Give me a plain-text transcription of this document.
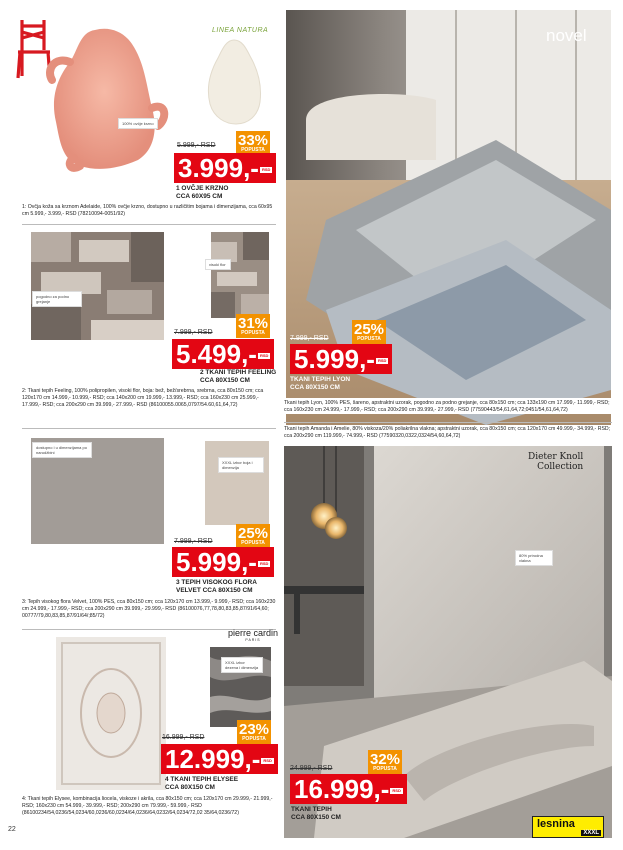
100% ovčje krzno
LINEA NATURA
5.999,- RSD 33%
POPUSTA
3.999,- RSD
1 OVČJE KRZNO
CCA 60X95 CM
1: Ovčja koža sa krznom Adelaide, 100% ovčje krzno, dostupno u različitim bojama i dimenzijama, cca 60x95 cm 5.999,- 3.999,- RSD (78210094-0051/92)
pogodno za podno grejanje
visoki flor
7.999,- RSD
31%
POPUSTA
5.499,- RSD
2 TKANI TEPIH FEELING
CCA 80X150 CM
2: Tkani tepih Feeling, 100% polipropilen, visoki flor, boja: bež, bež/srebrna, srebrna, cca 80x150 cm; cca 120x170 cm 14.999,- 10.999,- RSD; cca 140x200 cm 19.999,- 13.999,- RSD; cca 160x230 cm 25.999,- 17.999,- RSD; cca 200x290 cm 39.999,- 27.999,- RSD (86100055.0065,0797/54.60,61,64,72)
dostupno i u dimenzijama po narudžbini
XXXL izbor boja i dimenzija
7.999,- RSD 25%
POPUSTA
5.999,- RSD
3 TEPIH VISOKOG FLORA
VELVET CCA 80X150 CM
3: Tepih visokog flora Velvet, 100% PES, cca 80x150 cm; cca 120x170 cm 13.999,- 9.999,- RSD; cca 160x230 cm 24.999,- 17.999,- RSD; cca 200x290 cm 39.999,- 29.999,- RSD (86100076,77,78,80,83,85,87/91/64,60; 00777/79,80,83,85,87/91/64/;85/72)
pierre cardin
PARIS
XXXL izbor dezena i dimenzija
16.999,- RSD 23%
POPUSTA
12.999,- RSD
4 TKANI TEPIH ELYSEE
CCA 80X150 CM
4: Tkani tepih Elysee, kombinacija liocela, viskoze i akrila, cca 80x150 cm; cca 120x170 cm 29.999,- 21.999,- RSD; 160x230 cm 54.999,- 39.999,- RSD; 200x290 cm 79.999,- 59.999,- RSD (86100234/54,0236/54,0234/60,0236/60,0234/64,0236/64,0232/64,0234/72,02 35/64,0236/72)
22
novel
7.999,- RSD
25%
POPUSTA
5.999,- RSD
TKANI TEPIH LYON
CCA 80X150 CM
Tkani tepih Lyon, 100% PES, šareno, apstraktni uzorak, pogodno za podno grejanje, cca 80x150 cm; cca 133x190 cm 17.999,- 11.999,- RSD; cca 160x230 cm 24.999,- 17.999,- RSD; cca 200x290 cm 39.999,- 27.999,- RSD (77590443/54,61,64,72;0451/54,61,64,72)
Tkani tepih Amanda i Amelie, 80% viskoza/20% poliakrilna vlakna; apstraktni uzorak, cca 80x150 cm; cca 120x170 cm 49.999,- 34.999,- RSD; cca 200x290 cm 119.999,- 74.999,- RSD (77590320,0322,0324/54,60,64,72)
Dieter Knoll
Collection
80% prirodna vlakna
24.999,- RSD
32%
POPUSTA
16.999,- RSD
TKANI TEPIH
CCA 80X150 CM
lesnina
XXXL
